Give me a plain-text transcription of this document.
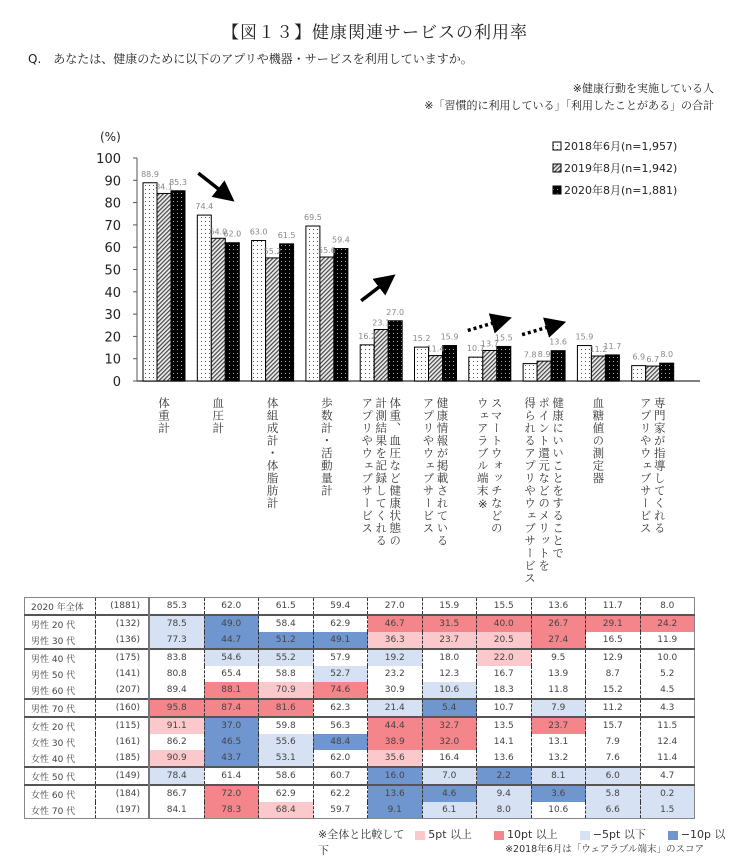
【図１３】健康関連サービスの利用率
Q.　あなたは、健康のために以下のアプリや機器・サービスを利用していますか。
※健康行動を実施している人
※「習慣的に利用している」「利用したことがある」の合計
(%)
0
10
20
30
40
50
60
70
80
90
100
88.9
84.1
85.3
74.4
64.0
62.0 63.0
55.2
61.5
69.5
55.6
59.4
16.2
23.1
27.0
15.2
11.4
15.9
10.7
13.7
15.5
7.8 8.9
13.6
15.9
11.2
11.7
6.9 6.7
8.0
2018年6月(n=1,957)
2019年8月(n=1,942)
2020年8月(n=1,881)
体重計	血圧計	体組成計・体脂肪計	歩数計・活動量計	体重、血圧など健康状態の
計測結果を記録してくれる
アプリやウェブサービス	健康情報が掲載されている
アプリやウェブサービス	スマートウォッチなどの
ウェアラブル端末※	健康にいいことをすることで
ポイント還元などのメリットを
得られるアプリやウェブサービス	血糖値の測定器	専門家が指導してくれる
アプリやウェブサービス
2020 年全体	(1881)	85.3	62.0	61.5	59.4	27.0	15.9	15.5	13.6	11.7	8.0
男性 20 代	(132)	78.5	49.0	58.4	62.9	46.7	31.5	40.0	26.7	29.1	24.2
男性 30 代	(136)	77.3	44.7	51.2	49.1	36.3	23.7	20.5	27.4	16.5	11.9
男性 40 代	(175)	83.8	54.6	55.2	57.9	19.2	18.0	22.0	9.5	12.9	10.0
男性 50 代	(141)	80.8	65.4	58.8	52.7	23.2	12.3	16.7	13.9	8.7	5.2
男性 60 代	(207)	89.4	88.1	70.9	74.6	30.9	10.6	18.3	11.8	15.2	4.5
男性 70 代	(160)	95.8	87.4	81.6	62.3	21.4	5.4	10.7	7.9	11.2	4.3
女性 20 代	(115)	91.1	37.0	59.8	56.3	44.4	32.7	13.5	23.7	15.7	11.5
女性 30 代	(161)	86.2	46.5	55.6	48.4	38.9	32.0	14.1	13.1	7.9	12.4
女性 40 代	(185)	90.9	43.7	53.1	62.0	35.6	16.4	13.6	13.2	7.6	11.4
女性 50 代	(149)	78.4	61.4	58.6	60.7	16.0	7.0	2.2	8.1	6.0	4.7
女性 60 代	(184)	86.7	72.0	62.9	62.2	13.6	4.6	9.4	3.6	5.8	0.2
女性 70 代	(197)	84.1	78.3	68.4	59.7	9.1	6.1	8.0	10.6	6.6	1.5
※全体と比較して　5pt 以上	10pt 以上	−5pt 以下	−10p 以下	※2018年6月は「ウェアラブル端末」のスコア
